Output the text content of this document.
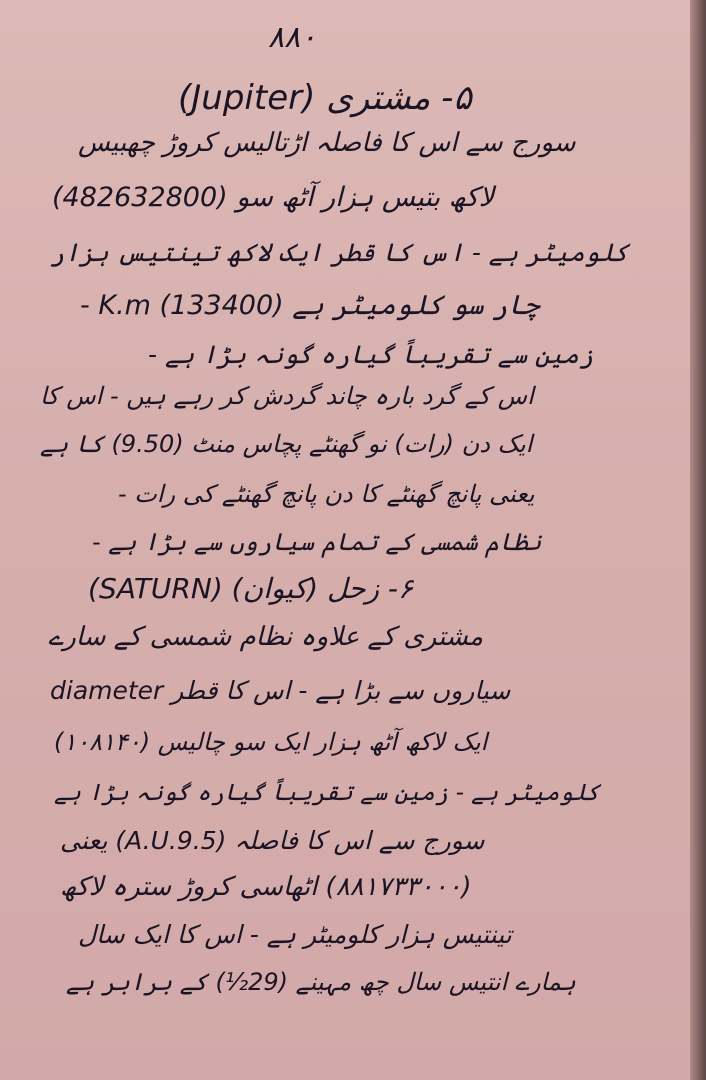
٨٨٠
۵- مشتری (Jupiter)
سورج سے اس کا فاصلہ اڑتالیس کروڑ چھبیس
لاکھ بتیس ہزار آٹھ سو (482632800)
کلومیٹر ہے - اس کا قطر ایک لاکھ تینتیس ہزار
چار سو کلومیٹر ہے (133400) K.m -
زمین سے تقریباً گیارہ گونہ بڑا ہے -
اس کے گرد بارہ چاند گردش کر رہے ہیں - اس کا
ایک دن (رات) نو گھنٹے پچاس منٹ (9.50) کا ہے
یعنی پانچ گھنٹے کا دن پانچ گھنٹے کی رات -
نظام شمسی کے تمام سیاروں سے بڑا ہے -
۶- زحل (کیوان) (SATURN)
مشتری کے علاوہ نظام شمسی کے سارے
سیاروں سے بڑا ہے - اس کا قطر diameter
ایک لاکھ آٹھ ہزار ایک سو چالیس (۱۰۸۱۴۰)
کلومیٹر ہے - زمین سے تقریباً گیارہ گونہ بڑا ہے
سورج سے اس کا فاصلہ (A.U.9.5) یعنی
(۸۸۱۷۳۳۰۰۰) اٹھاسی کروڑ سترہ لاکھ
تینتیس ہزار کلومیٹر ہے - اس کا ایک سال
ہمارے انتیس سال چھ مہینے (29½) کے برابر ہے
